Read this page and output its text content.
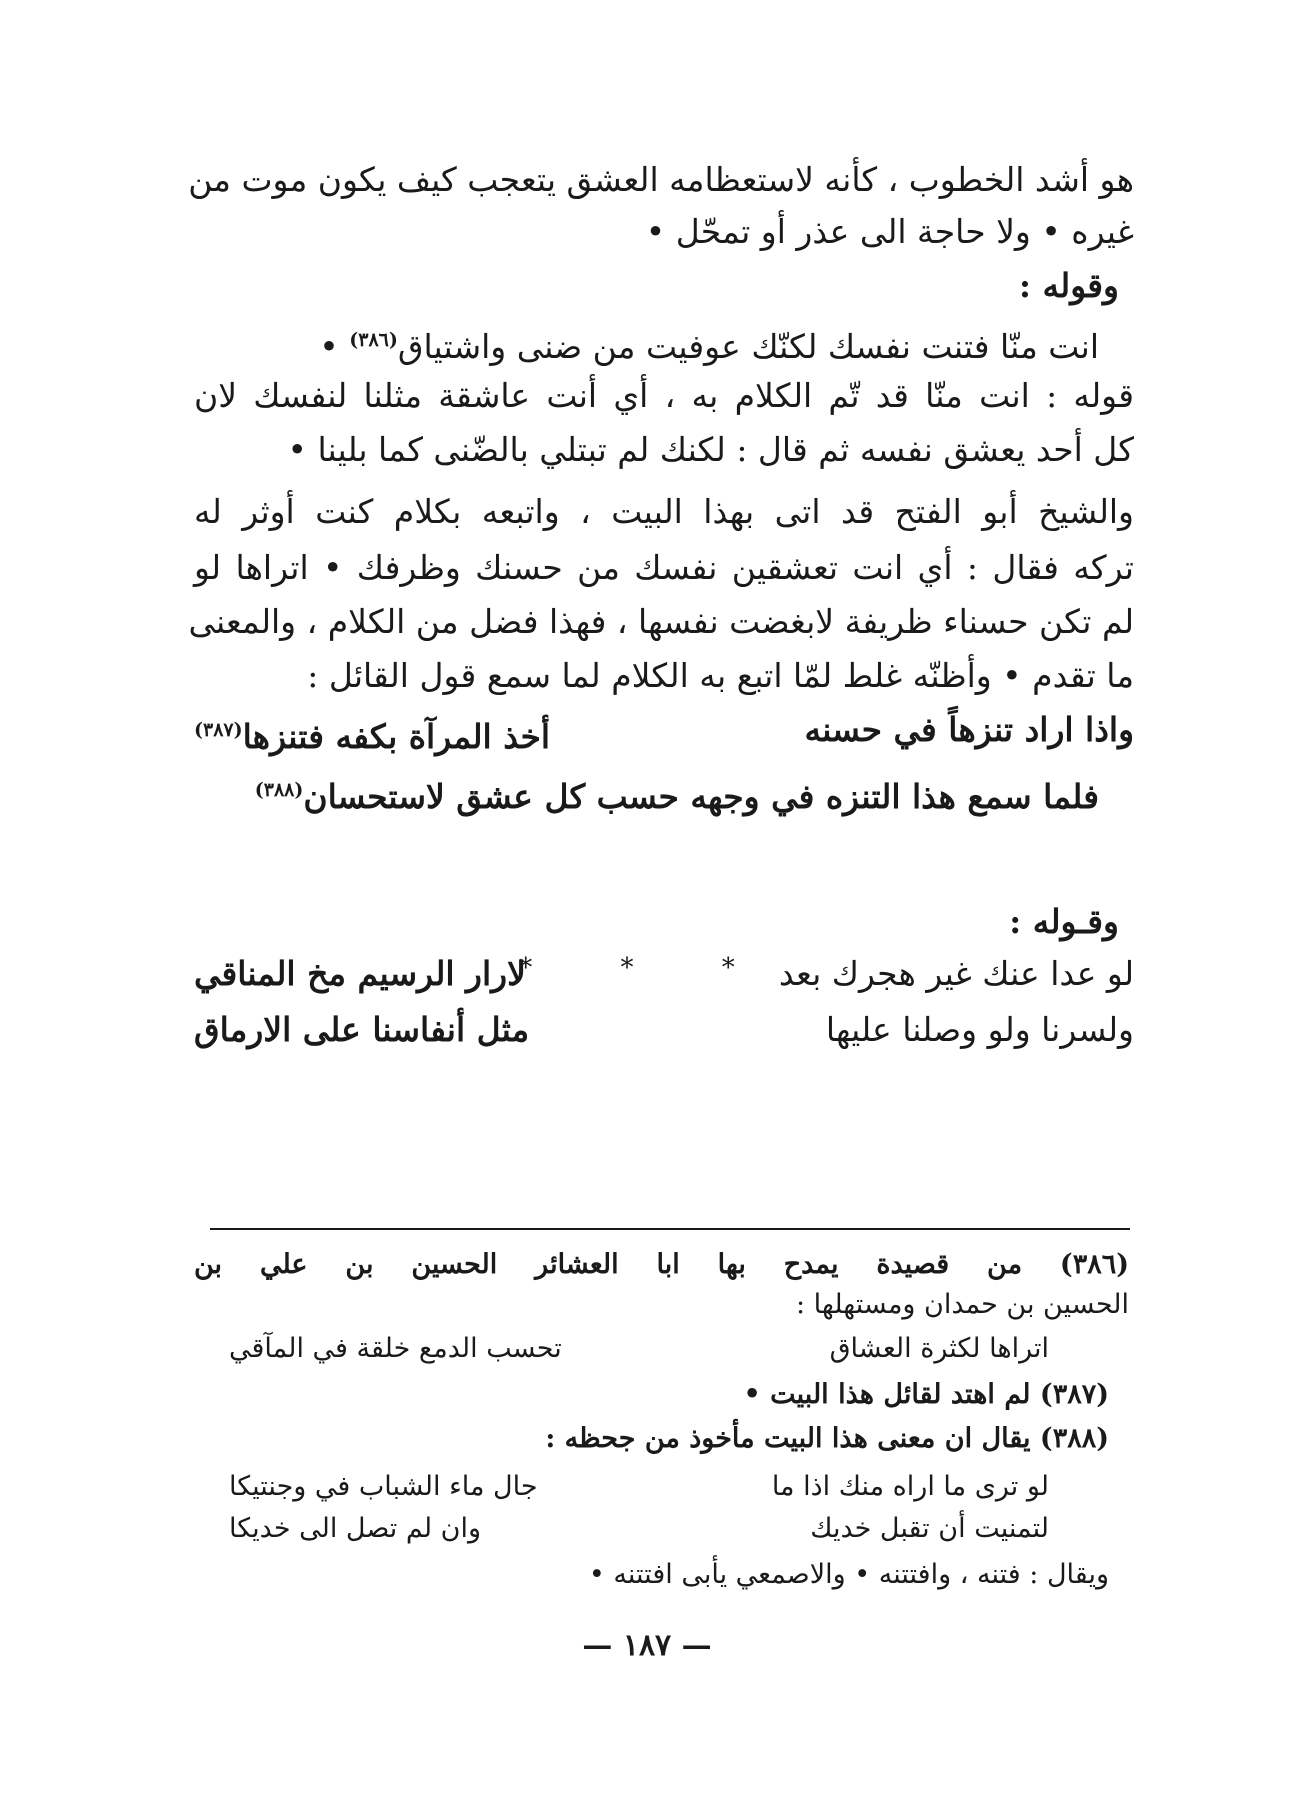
هو أشد الخطوب ، كأنه لاستعظامه العشق يتعجب كيف يكون موت من
غيره • ولا حاجة الى عذر أو تمحّل •
وقوله :
انت منّا فتنت نفسك لكنّك عوفيت من ضنى واشتياق$^{(٣٨٦)}$ •
قوله : انت منّا قد تّم الكلام به ، أي أنت عاشقة مثلنا لنفسك لان
كل أحد يعشق نفسه ثم قال : لكنك لم تبتلي بالضّنى كما بلينا •
والشيخ أبو الفتح قد اتى بهذا البيت ، واتبعه بكلام كنت أوثر له
تركه فقال : أي انت تعشقين نفسك من حسنك وظرفك • اتراها لو
لم تكن حسناء ظريفة لابغضت نفسها ، فهذا فضل من الكلام ، والمعنى
ما تقدم • وأظنّه غلط لمّا اتبع به الكلام لما سمع قول القائل :
واذا اراد تنزهاً في حسنه
أخذ المرآة بكفه فتنزها$^{(٣٨٧)}$
فلما سمع هذا التنزه في وجهه حسب كل عشق لاستحسان$^{(٣٨٨)}$
* * *
وقـوله :
لو عدا عنك غير هجرك بعد
لارار الرسيم مخ المناقي
ولسرنا ولو وصلنا عليها
مثل أنفاسنا على الارماق
(٣٨٦) من قصيدة يمدح بها ابا العشائر الحسين بن علي بن
الحسين بن حمدان ومستهلها :
اتراها لكثرة العشاق
تحسب الدمع خلقة في المآقي
(٣٨٧) لم اهتد لقائل هذا البيت •
(٣٨٨) يقال ان معنى هذا البيت مأخوذ من جحظه :
لو ترى ما اراه منك اذا ما
جال ماء الشباب في وجنتيكا
لتمنيت أن تقبل خديك
وان لم تصل الى خديكا
ويقال : فتنه ، وافتتنه • والاصمعي يأبى افتتنه •
— ١٨٧ —
